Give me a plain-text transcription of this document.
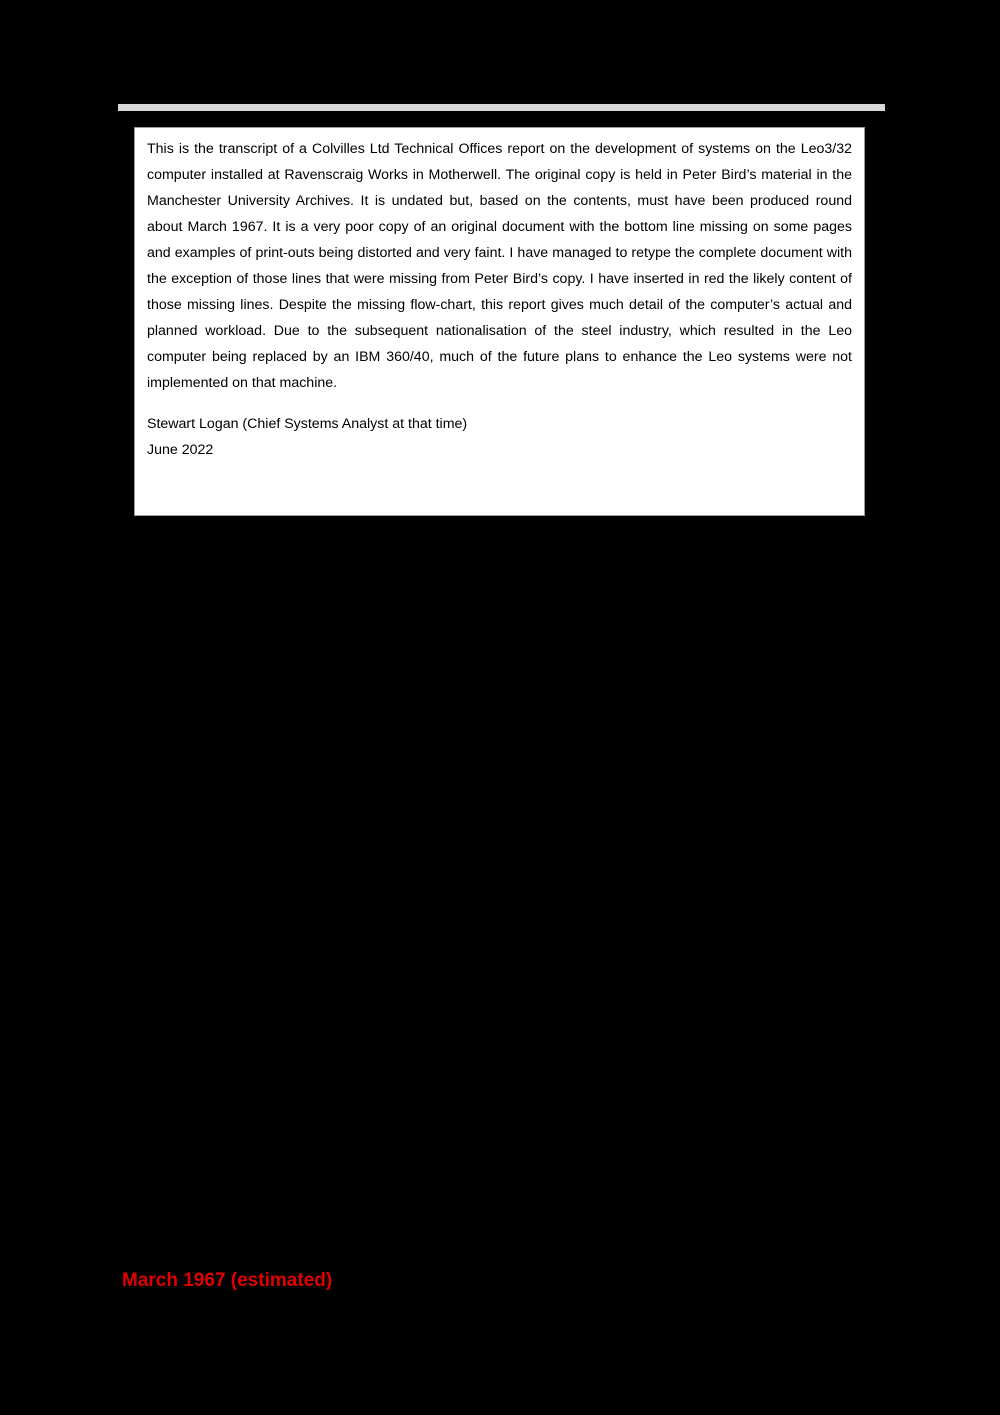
This is the transcript of a Colvilles Ltd Technical Offices report on the development of systems on the Leo3/32 computer installed at Ravenscraig Works in Motherwell. The original copy is held in Peter Bird’s material in the Manchester University Archives. It is undated but, based on the contents, must have been produced round about March 1967. It is a very poor copy of an original document with the bottom line missing on some pages and examples of print-outs being distorted and very faint. I have managed to retype the complete document with the exception of those lines that were missing from Peter Bird’s copy. I have inserted in red the likely content of those missing lines. Despite the missing flow-chart, this report gives much detail of the computer’s actual and planned workload. Due to the subsequent nationalisation of the steel industry, which resulted in the Leo computer being replaced by an IBM 360/40, much of the future plans to enhance the Leo systems were not implemented on that machine.

Stewart Logan (Chief Systems Analyst at that time)
June 2022

March 1967 (estimated)
